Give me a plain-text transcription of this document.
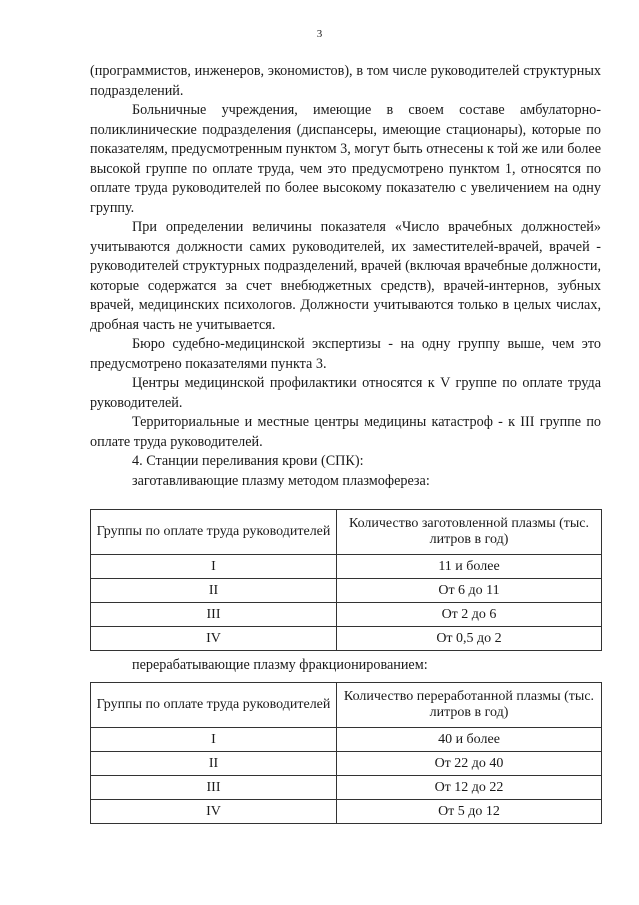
3

(программистов, инженеров, экономистов), в том числе руководителей структурных подразделений.

Больничные учреждения, имеющие в своем составе амбулаторно-поликлинические подразделения (диспансеры, имеющие стационары), которые по показателям, предусмотренным пунктом 3, могут быть отнесены к той же или более высокой группе по оплате труда, чем это предусмотрено пунктом 1, относятся по оплате труда руководителей по более высокому показателю с увеличением на одну группу.

При определении величины показателя «Число врачебных должностей» учитываются должности самих руководителей, их заместителей-врачей, врачей - руководителей структурных подразделений, врачей (включая врачебные должности, которые содержатся за счет внебюджетных средств), врачей-интернов, зубных врачей, медицинских психологов. Должности учитываются только в целых числах, дробная часть не учитывается.

Бюро судебно-медицинской экспертизы - на одну группу выше, чем это предусмотрено показателями пункта 3.

Центры медицинской профилактики относятся к V группе по оплате труда руководителей.

Территориальные и местные центры медицины катастроф - к III группе по оплате труда руководителей.

4. Станции переливания крови (СПК):

заготавливающие плазму методом плазмофереза:

Группы по оплате труда руководителей	Количество заготовленной плазмы (тыс. литров в год)
I	11 и более
II	От 6 до 11
III	От 2 до 6
IV	От 0,5 до 2
перерабатывающие плазму фракционированием:
Группы по оплате труда руководителей	Количество переработанной плазмы (тыс. литров в год)
I	40 и более
II	От 22 до 40
III	От 12 до 22
IV	От 5 до 12
